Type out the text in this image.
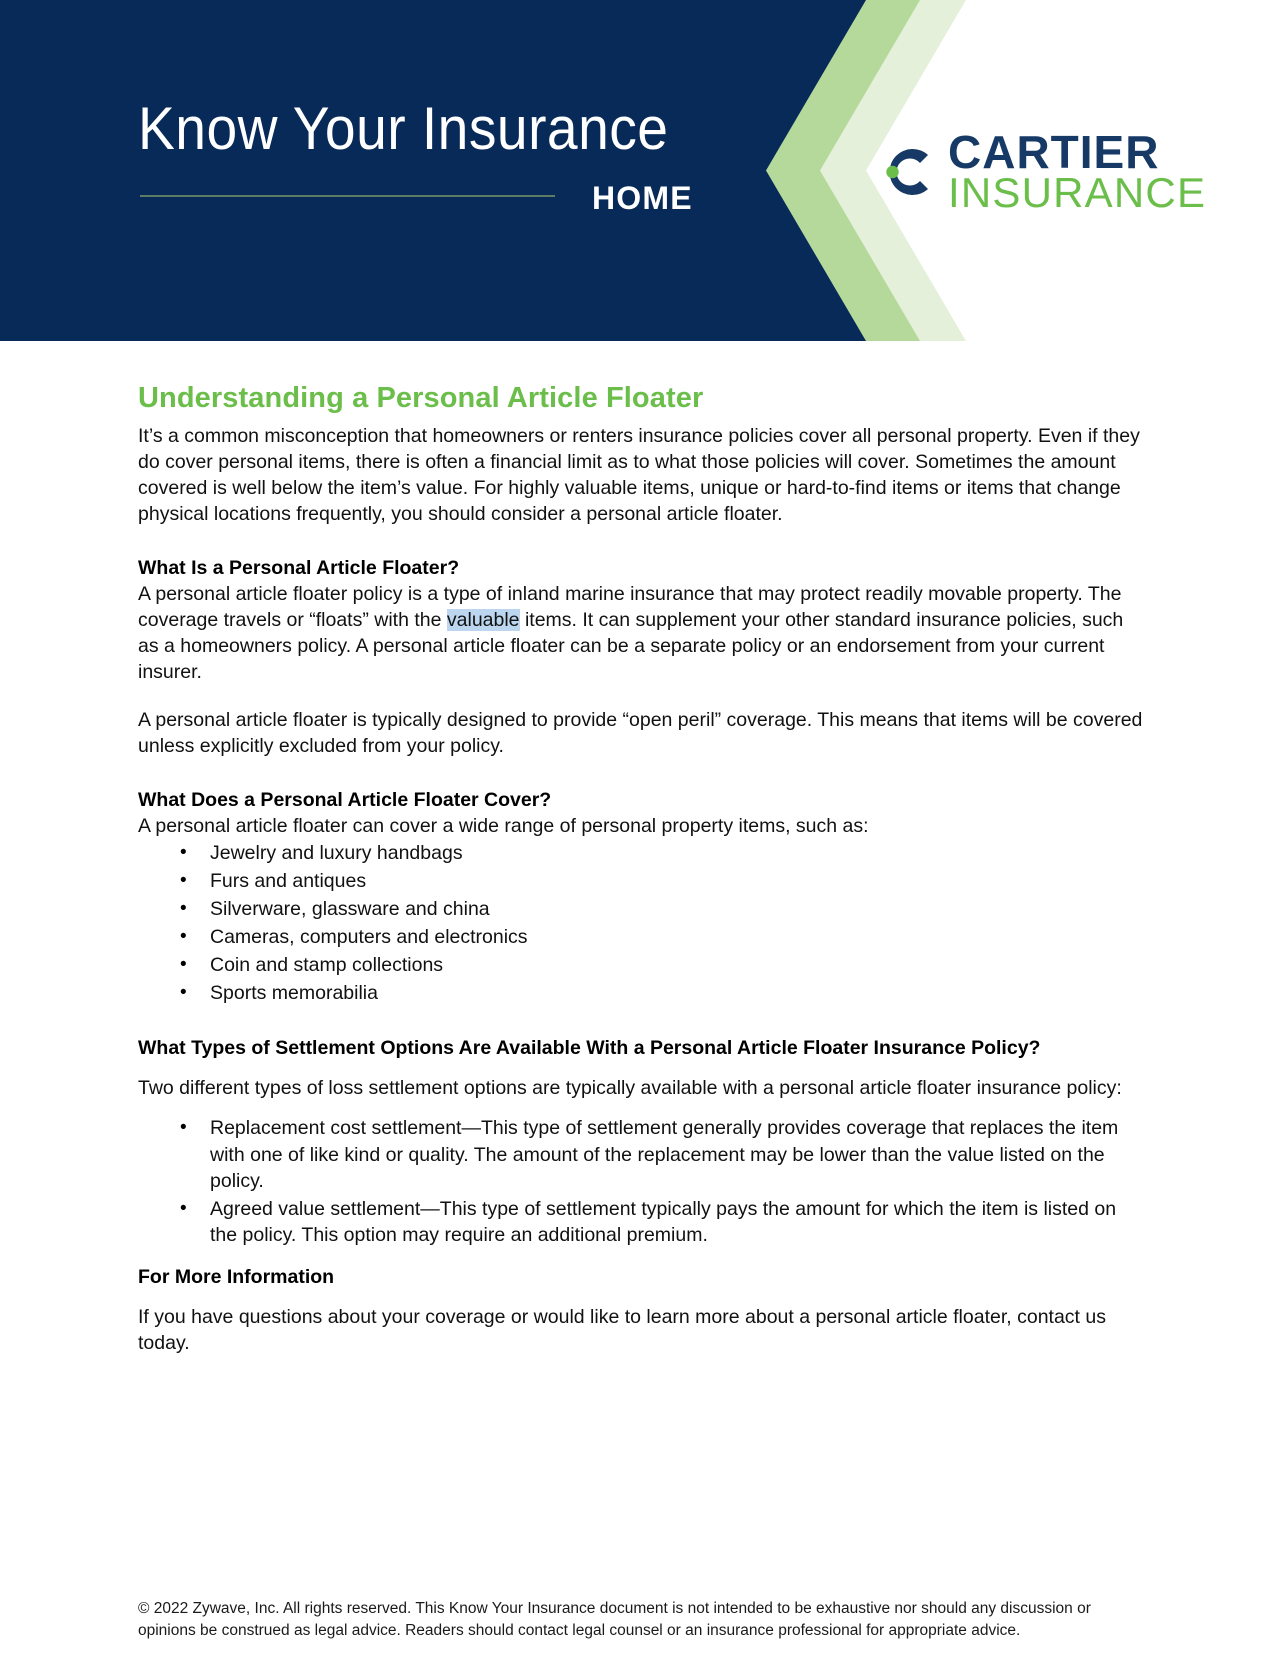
Know Your Insurance
HOME
CARTIER
INSURANCE
Understanding a Personal Article Floater

It’s a common misconception that homeowners or renters insurance policies cover all personal property. Even if they do cover personal items, there is often a financial limit as to what those policies will cover. Sometimes the amount covered is well below the item’s value. For highly valuable items, unique or hard-to-find items or items that change physical locations frequently, you should consider a personal article floater.

What Is a Personal Article Floater?

A personal article floater policy is a type of inland marine insurance that may protect readily movable property. The coverage travels or “floats” with the valuable items. It can supplement your other standard insurance policies, such as a homeowners policy. A personal article floater can be a separate policy or an endorsement from your current insurer.

A personal article floater is typically designed to provide “open peril” coverage. This means that items will be covered unless explicitly excluded from your policy.

What Does a Personal Article Floater Cover?

A personal article floater can cover a wide range of personal property items, such as:

• Jewelry and luxury handbags
• Furs and antiques
• Silverware, glassware and china
• Cameras, computers and electronics
• Coin and stamp collections
• Sports memorabilia
What Types of Settlement Options Are Available With a Personal Article Floater Insurance Policy?

Two different types of loss settlement options are typically available with a personal article floater insurance policy:

• Replacement cost settlement—This type of settlement generally provides coverage that replaces the item with one of like kind or quality. The amount of the replacement may be lower than the value listed on the policy.
• Agreed value settlement—This type of settlement typically pays the amount for which the item is listed on the policy. This option may require an additional premium.
For More Information

If you have questions about your coverage or would like to learn more about a personal article floater, contact us today.

© 2022 Zywave, Inc. All rights reserved. This Know Your Insurance document is not intended to be exhaustive nor should any discussion or opinions be construed as legal advice. Readers should contact legal counsel or an insurance professional for appropriate advice.
